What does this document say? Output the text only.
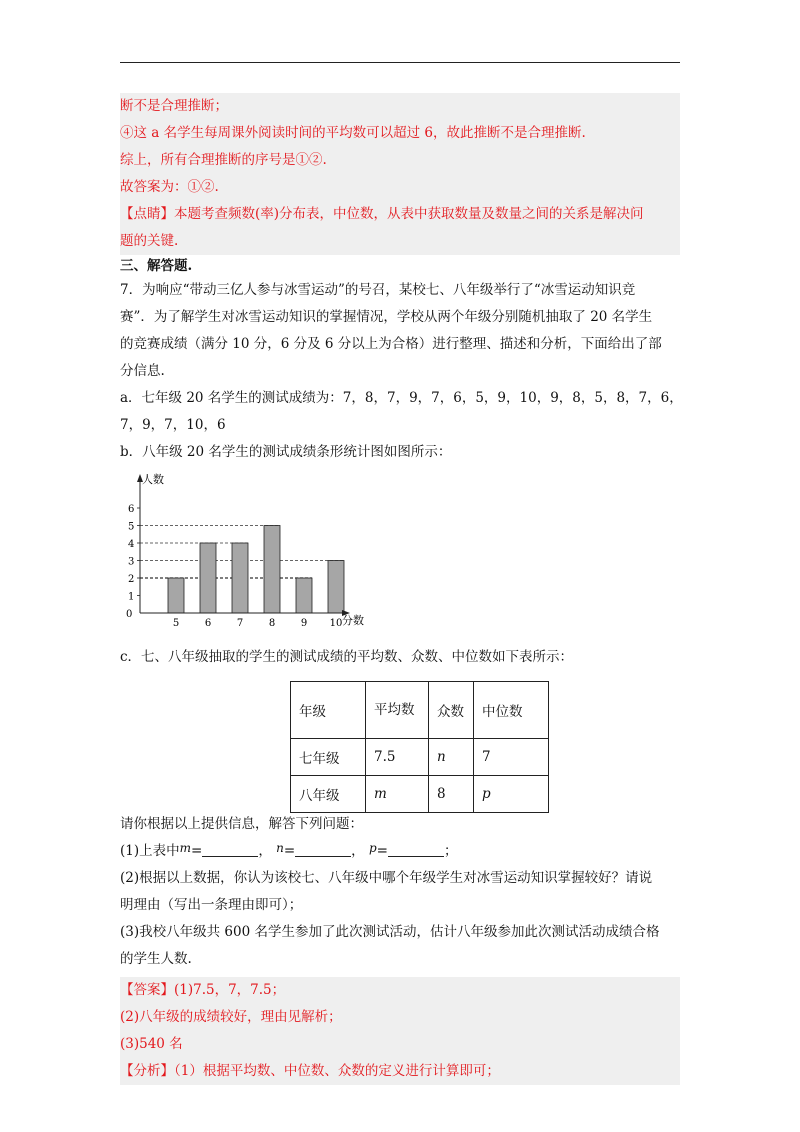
断不是合理推断；
④这 a 名学生每周课外阅读时间的平均数可以超过 6，故此推断不是合理推断.
综上，所有合理推断的序号是①②.
故答案为：①②.
【点睛】本题考查频数(率)分布表，中位数，从表中获取数量及数量之间的关系是解决问
题的关键.
三、解答题.
7．为响应“带动三亿人参与冰雪运动”的号召，某校七、八年级举行了“冰雪运动知识竞
赛”．为了解学生对冰雪运动知识的掌握情况，学校从两个年级分别随机抽取了 20 名学生
的竞赛成绩（满分 10 分，6 分及 6 分以上为合格）进行整理、描述和分析，下面给出了部
分信息.
a．七年级 20 名学生的测试成绩为：7，8，7，9，7，6，5，9，10，9，8，5，8，7，6，
7，9，7，10，6
b．八年级 20 名学生的测试成绩条形统计图如图所示：
0
1
2
3
4
5
6
5	6	7	8	9 10
人数
分数
c．七、八年级抽取的学生的测试成绩的平均数、众数、中位数如下表所示：
年级	平均数	众数	中位数
七年级	7.5	n	7
八年级	m	8	p
请你根据以上提供信息，解答下列问题：
(1)上表中m=	， n=	， p=	；
(2)根据以上数据，你认为该校七、八年级中哪个年级学生对冰雪运动知识掌握较好？请说
明理由（写出一条理由即可）；
(3)我校八年级共 600 名学生参加了此次测试活动，估计八年级参加此次测试活动成绩合格
的学生人数.
【答案】(1)7.5，7，7.5；
(2)八年级的成绩较好，理由见解析；
(3)540 名
【分析】（1）根据平均数、中位数、众数的定义进行计算即可；
